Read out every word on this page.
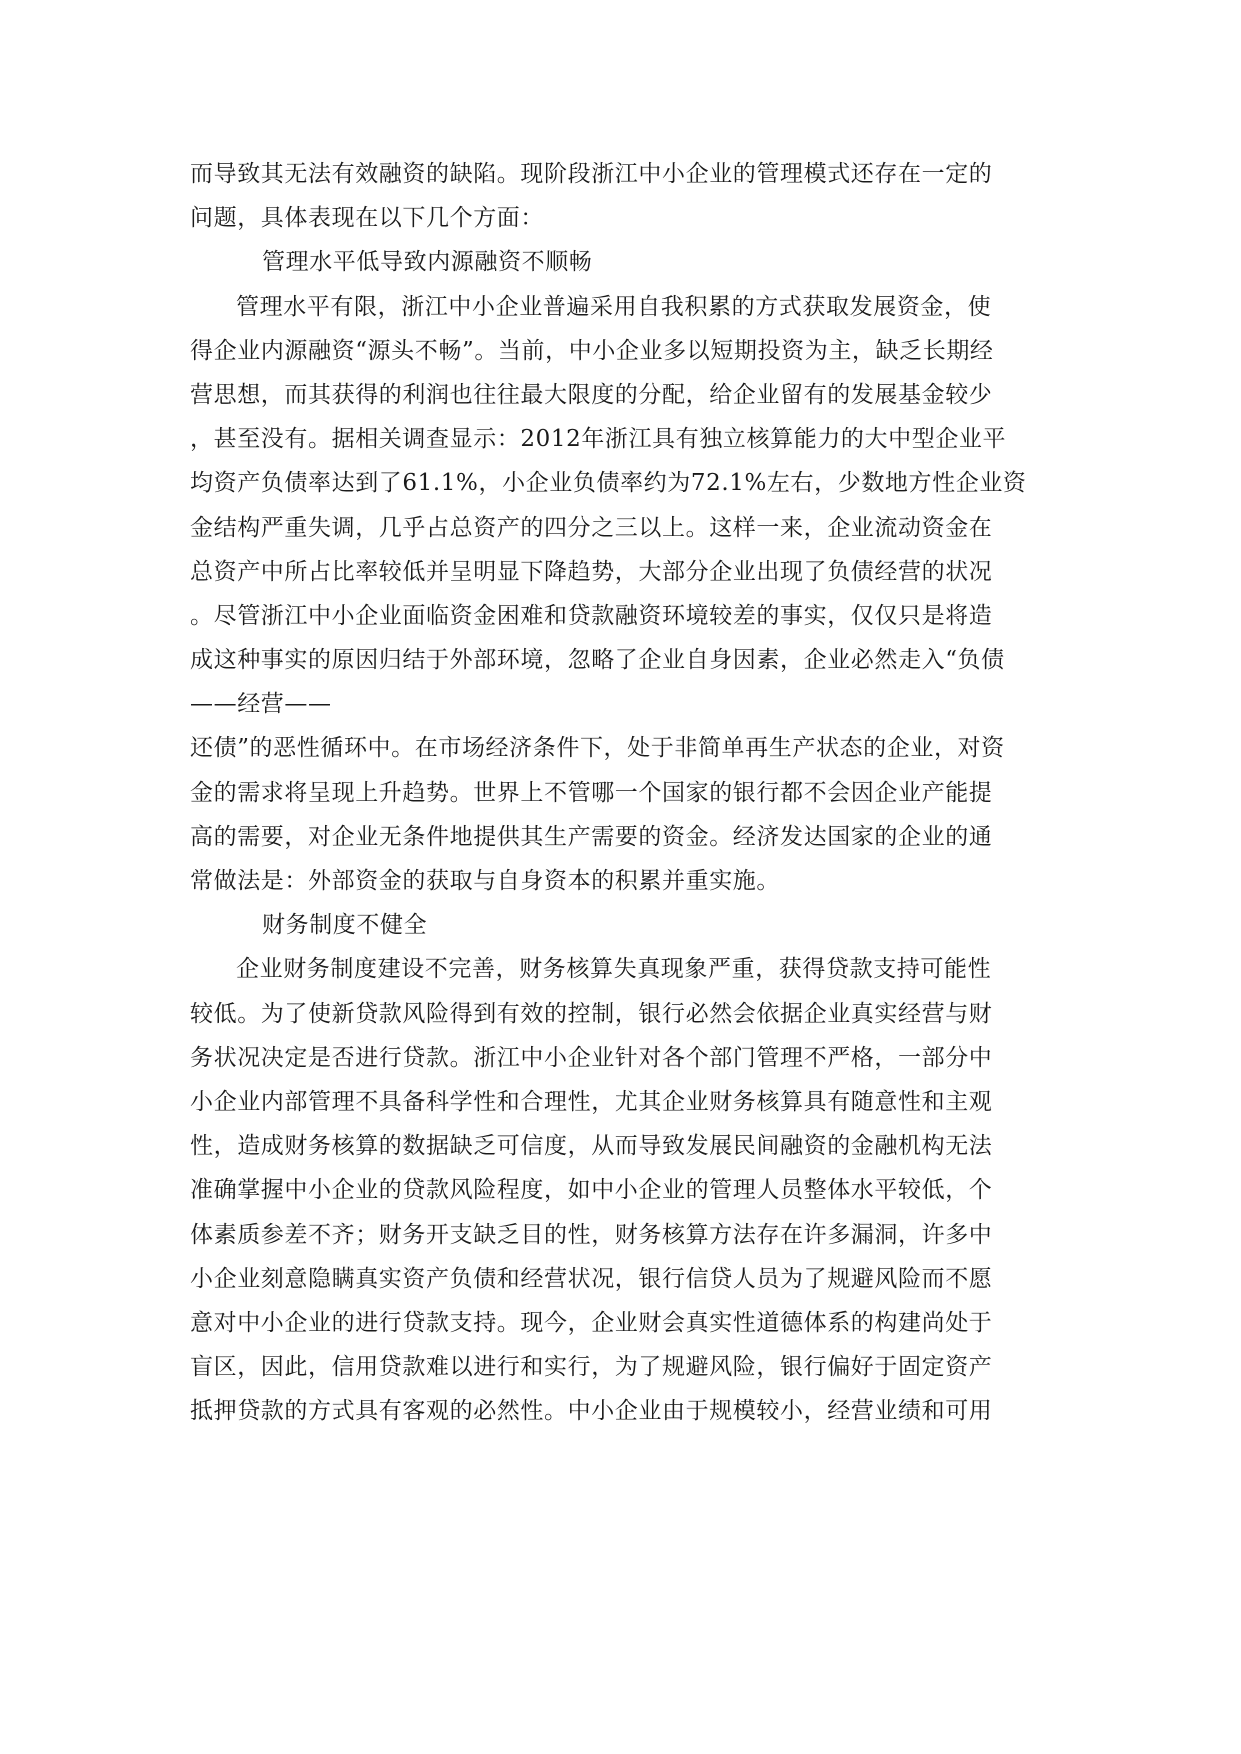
而导致其无法有效融资的缺陷。现阶段浙江中小企业的管理模式还存在一定的
问题，具体表现在以下几个方面：
管理水平低导致内源融资不顺畅
管理水平有限，浙江中小企业普遍采用自我积累的方式获取发展资金，使
得企业内源融资“源头不畅”。当前，中小企业多以短期投资为主，缺乏长期经
营思想，而其获得的利润也往往最大限度的分配，给企业留有的发展基金较少
，甚至没有。据相关调查显示：2012年浙江具有独立核算能力的大中型企业平
均资产负债率达到了61.1%，小企业负债率约为72.1%左右，少数地方性企业资
金结构严重失调，几乎占总资产的四分之三以上。这样一来，企业流动资金在
总资产中所占比率较低并呈明显下降趋势，大部分企业出现了负债经营的状况
。尽管浙江中小企业面临资金困难和贷款融资环境较差的事实，仅仅只是将造
成这种事实的原因归结于外部环境，忽略了企业自身因素，企业必然走入“负债
——经营——
还债”的恶性循环中。在市场经济条件下，处于非简单再生产状态的企业，对资
金的需求将呈现上升趋势。世界上不管哪一个国家的银行都不会因企业产能提
高的需要，对企业无条件地提供其生产需要的资金。经济发达国家的企业的通
常做法是：外部资金的获取与自身资本的积累并重实施。
财务制度不健全
企业财务制度建设不完善，财务核算失真现象严重，获得贷款支持可能性
较低。为了使新贷款风险得到有效的控制，银行必然会依据企业真实经营与财
务状况决定是否进行贷款。浙江中小企业针对各个部门管理不严格，一部分中
小企业内部管理不具备科学性和合理性，尤其企业财务核算具有随意性和主观
性，造成财务核算的数据缺乏可信度，从而导致发展民间融资的金融机构无法
准确掌握中小企业的贷款风险程度，如中小企业的管理人员整体水平较低，个
体素质参差不齐；财务开支缺乏目的性，财务核算方法存在许多漏洞，许多中
小企业刻意隐瞒真实资产负债和经营状况，银行信贷人员为了规避风险而不愿
意对中小企业的进行贷款支持。现今，企业财会真实性道德体系的构建尚处于
盲区，因此，信用贷款难以进行和实行，为了规避风险，银行偏好于固定资产
抵押贷款的方式具有客观的必然性。中小企业由于规模较小，经营业绩和可用
